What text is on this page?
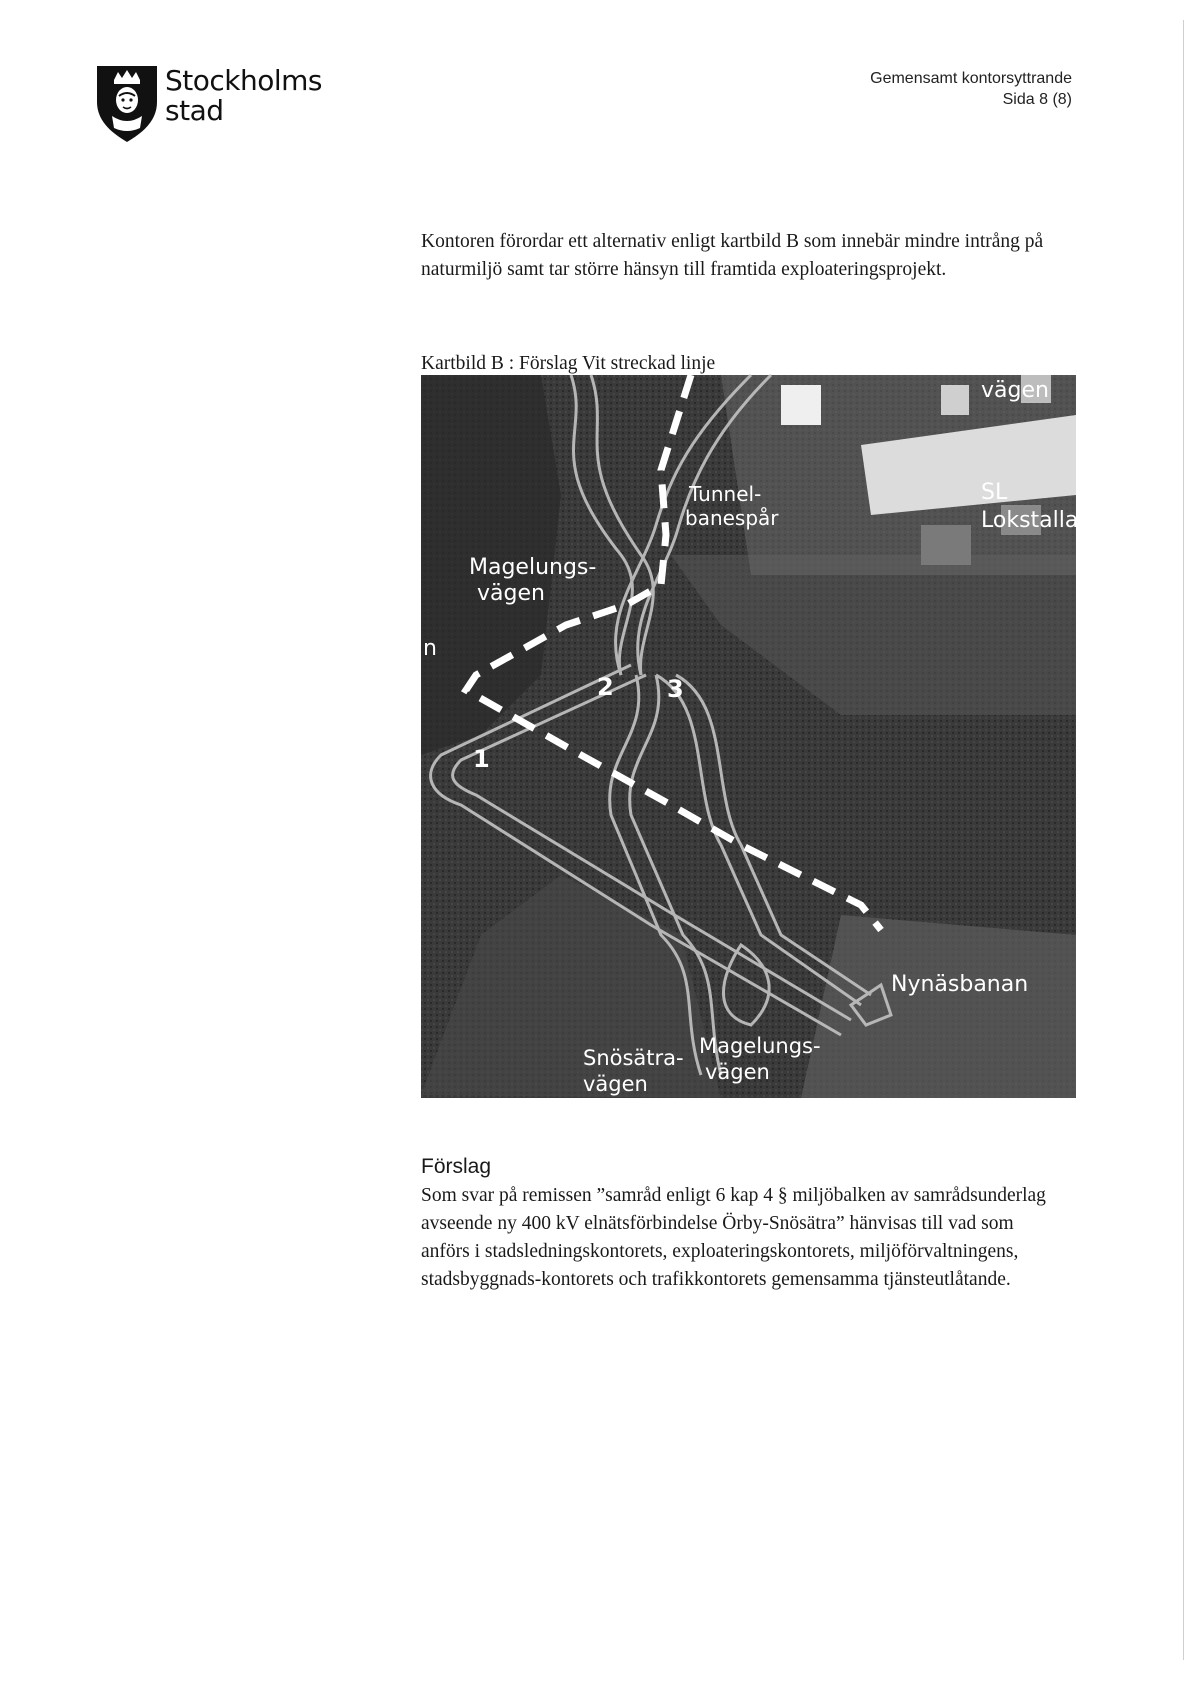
Stockholms
stad
Gemensamt kontorsyttrande
Sida 8 (8)
Kontoren förordar ett alternativ enligt kartbild B som innebär mindre intrång på naturmiljö samt tar större hänsyn till framtida exploateringsprojekt.
Kartbild B : Förslag Vit streckad linje
vägen
Tunnel-
banespår
SL
Lokstallar
Magelungs-
vägen
n
1
2 3
Nynäsbanan
Snösätra-
vägen
Magelungs-
vägen
Förslag
Som svar på remissen ”samråd enligt 6 kap 4 § miljöbalken av samrådsunderlag avseende ny 400 kV elnätsförbindelse Örby-Snösätra” hänvisas till vad som anförs i stadsledningskontorets, exploateringskontorets, miljöförvaltningens, stadsbyggnads-kontorets och trafikkontorets gemensamma tjänsteutlåtande.
